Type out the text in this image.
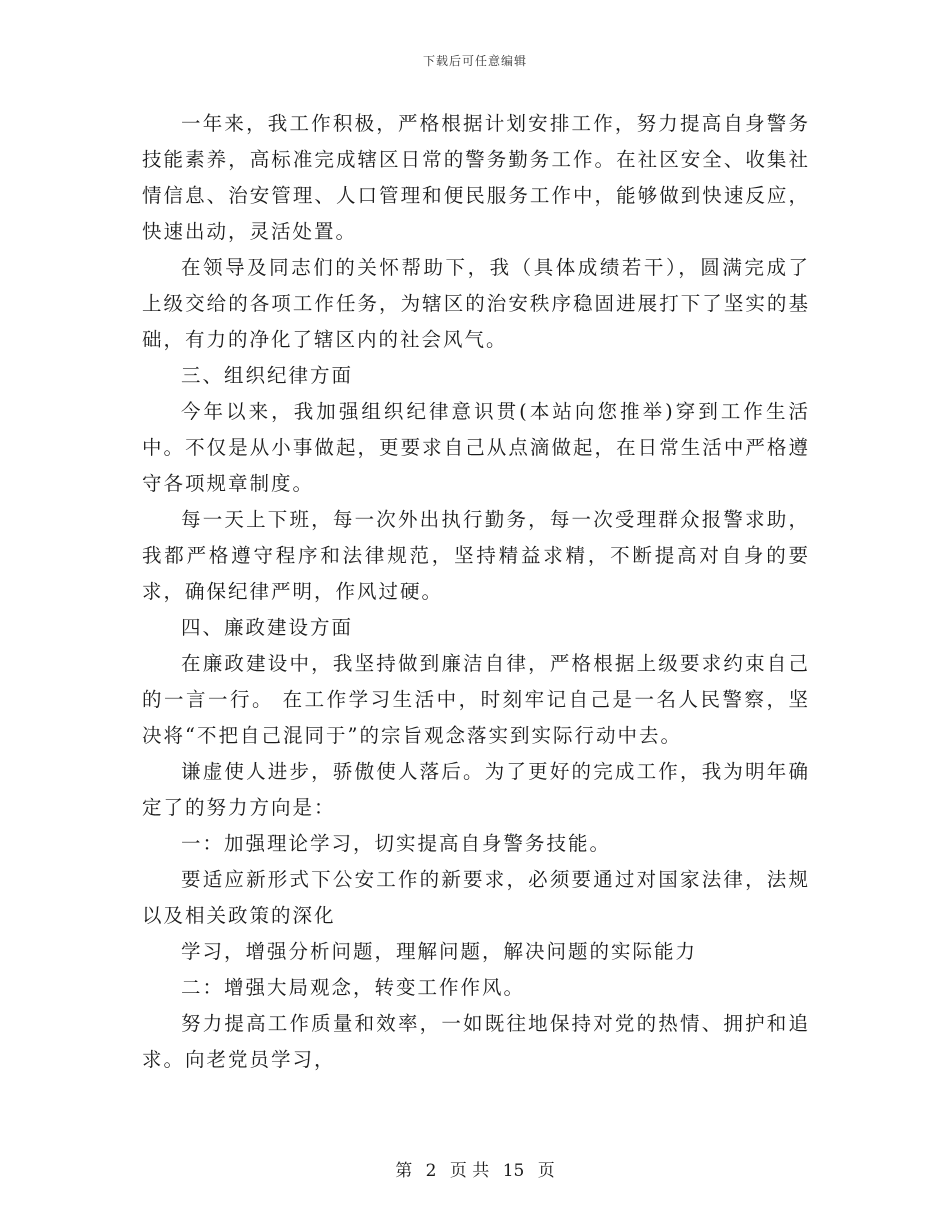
下载后可任意编辑

一年来，我工作积极，严格根据计划安排工作，努力提高自身警务技能素养，高标准完成辖区日常的警务勤务工作。在社区安全、收集社情信息、治安管理、人口管理和便民服务工作中，能够做到快速反应，快速出动，灵活处置。

在领导及同志们的关怀帮助下，我（具体成绩若干），圆满完成了上级交给的各项工作任务，为辖区的治安秩序稳固进展打下了坚实的基础，有力的净化了辖区内的社会风气。

三、组织纪律方面

今年以来，我加强组织纪律意识贯(本站向您推举)穿到工作生活中。不仅是从小事做起，更要求自己从点滴做起，在日常生活中严格遵守各项规章制度。

每一天上下班，每一次外出执行勤务，每一次受理群众报警求助，我都严格遵守程序和法律规范，坚持精益求精，不断提高对自身的要求，确保纪律严明，作风过硬。

四、廉政建设方面

在廉政建设中，我坚持做到廉洁自律，严格根据上级要求约束自己的一言一行。 在工作学习生活中，时刻牢记自己是一名人民警察，坚决将“不把自己混同于”的宗旨观念落实到实际行动中去。

谦虚使人进步，骄傲使人落后。为了更好的完成工作，我为明年确定了的努力方向是：

一：加强理论学习，切实提高自身警务技能。

要适应新形式下公安工作的新要求，必须要通过对国家法律，法规以及相关政策的深化

学习，增强分析问题，理解问题，解决问题的实际能力

二：增强大局观念，转变工作作风。

努力提高工作质量和效率，一如既往地保持对党的热情、拥护和追求。向老党员学习，

第 2 页 共 15 页
